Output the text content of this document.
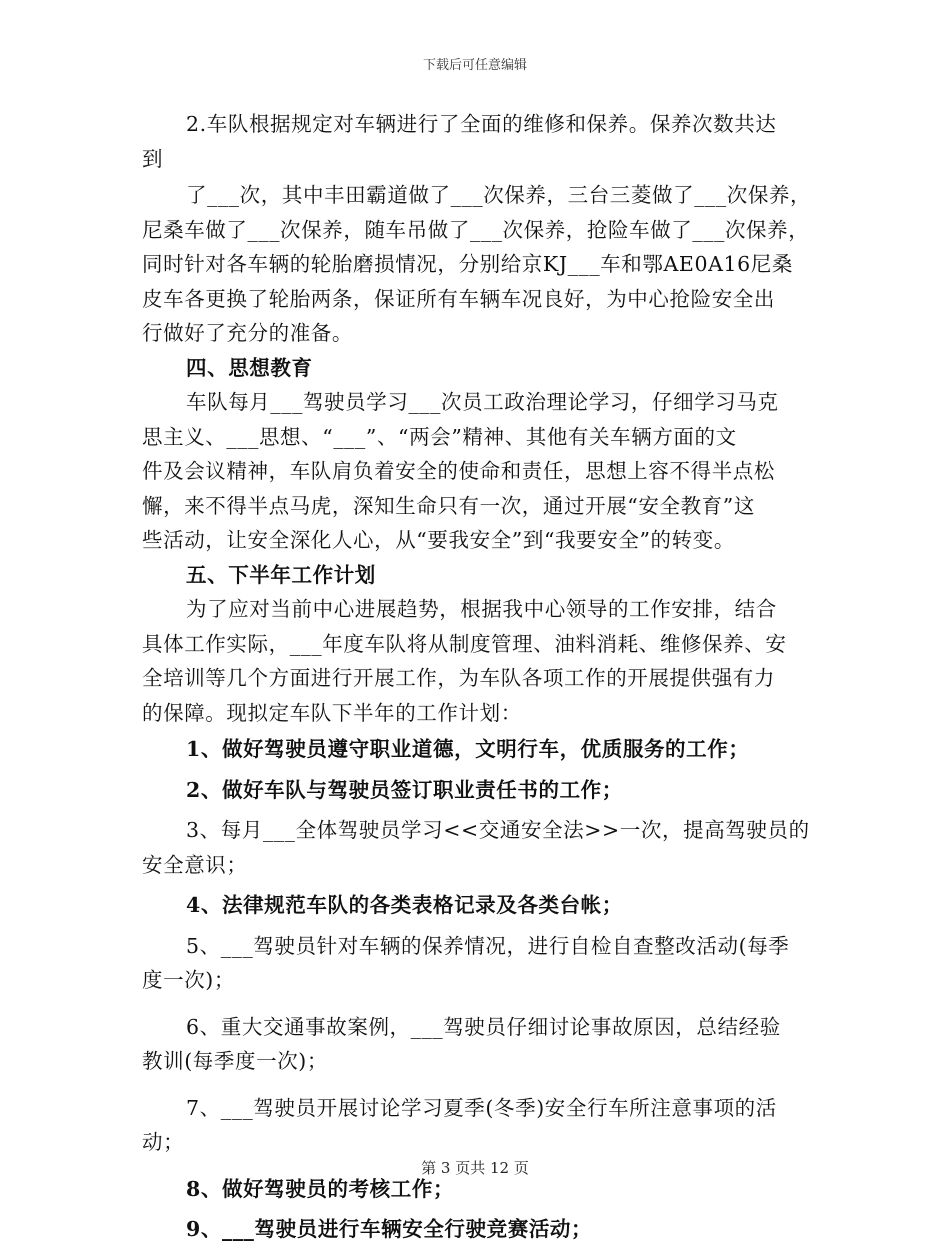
下载后可任意编辑
2.车队根据规定对车辆进行了全面的维修和保养。保养次数共达
到
了___次，其中丰田霸道做了___次保养，三台三菱做了___次保养，
尼桑车做了___次保养，随车吊做了___次保养，抢险车做了___次保养，
同时针对各车辆的轮胎磨损情况，分别给京KJ___车和鄂AE0A16尼桑
皮车各更换了轮胎两条，保证所有车辆车况良好，为中心抢险安全出
行做好了充分的准备。
四、思想教育
车队每月___驾驶员学习___次员工政治理论学习，仔细学习马克
思主义、___思想、“___”、“两会”精神、其他有关车辆方面的文
件及会议精神，车队肩负着安全的使命和责任，思想上容不得半点松
懈，来不得半点马虎，深知生命只有一次，通过开展“安全教育”这
些活动，让安全深化人心，从“要我安全”到“我要安全”的转变。
五、下半年工作计划
为了应对当前中心进展趋势，根据我中心领导的工作安排，结合
具体工作实际，___年度车队将从制度管理、油料消耗、维修保养、安
全培训等几个方面进行开展工作，为车队各项工作的开展提供强有力
的保障。现拟定车队下半年的工作计划：
1、做好驾驶员遵守职业道德，文明行车，优质服务的工作；
2、做好车队与驾驶员签订职业责任书的工作；
3、每月___全体驾驶员学习<<交通安全法>>一次，提高驾驶员的
安全意识；
4、法律规范车队的各类表格记录及各类台帐；
5、___驾驶员针对车辆的保养情况，进行自检自查整改活动(每季
度一次)；
6、重大交通事故案例，___驾驶员仔细讨论事故原因，总结经验
教训(每季度一次)；
7、___驾驶员开展讨论学习夏季(冬季)安全行车所注意事项的活
动；
8、做好驾驶员的考核工作；
9、___驾驶员进行车辆安全行驶竞赛活动；
第 3 页共 12 页
